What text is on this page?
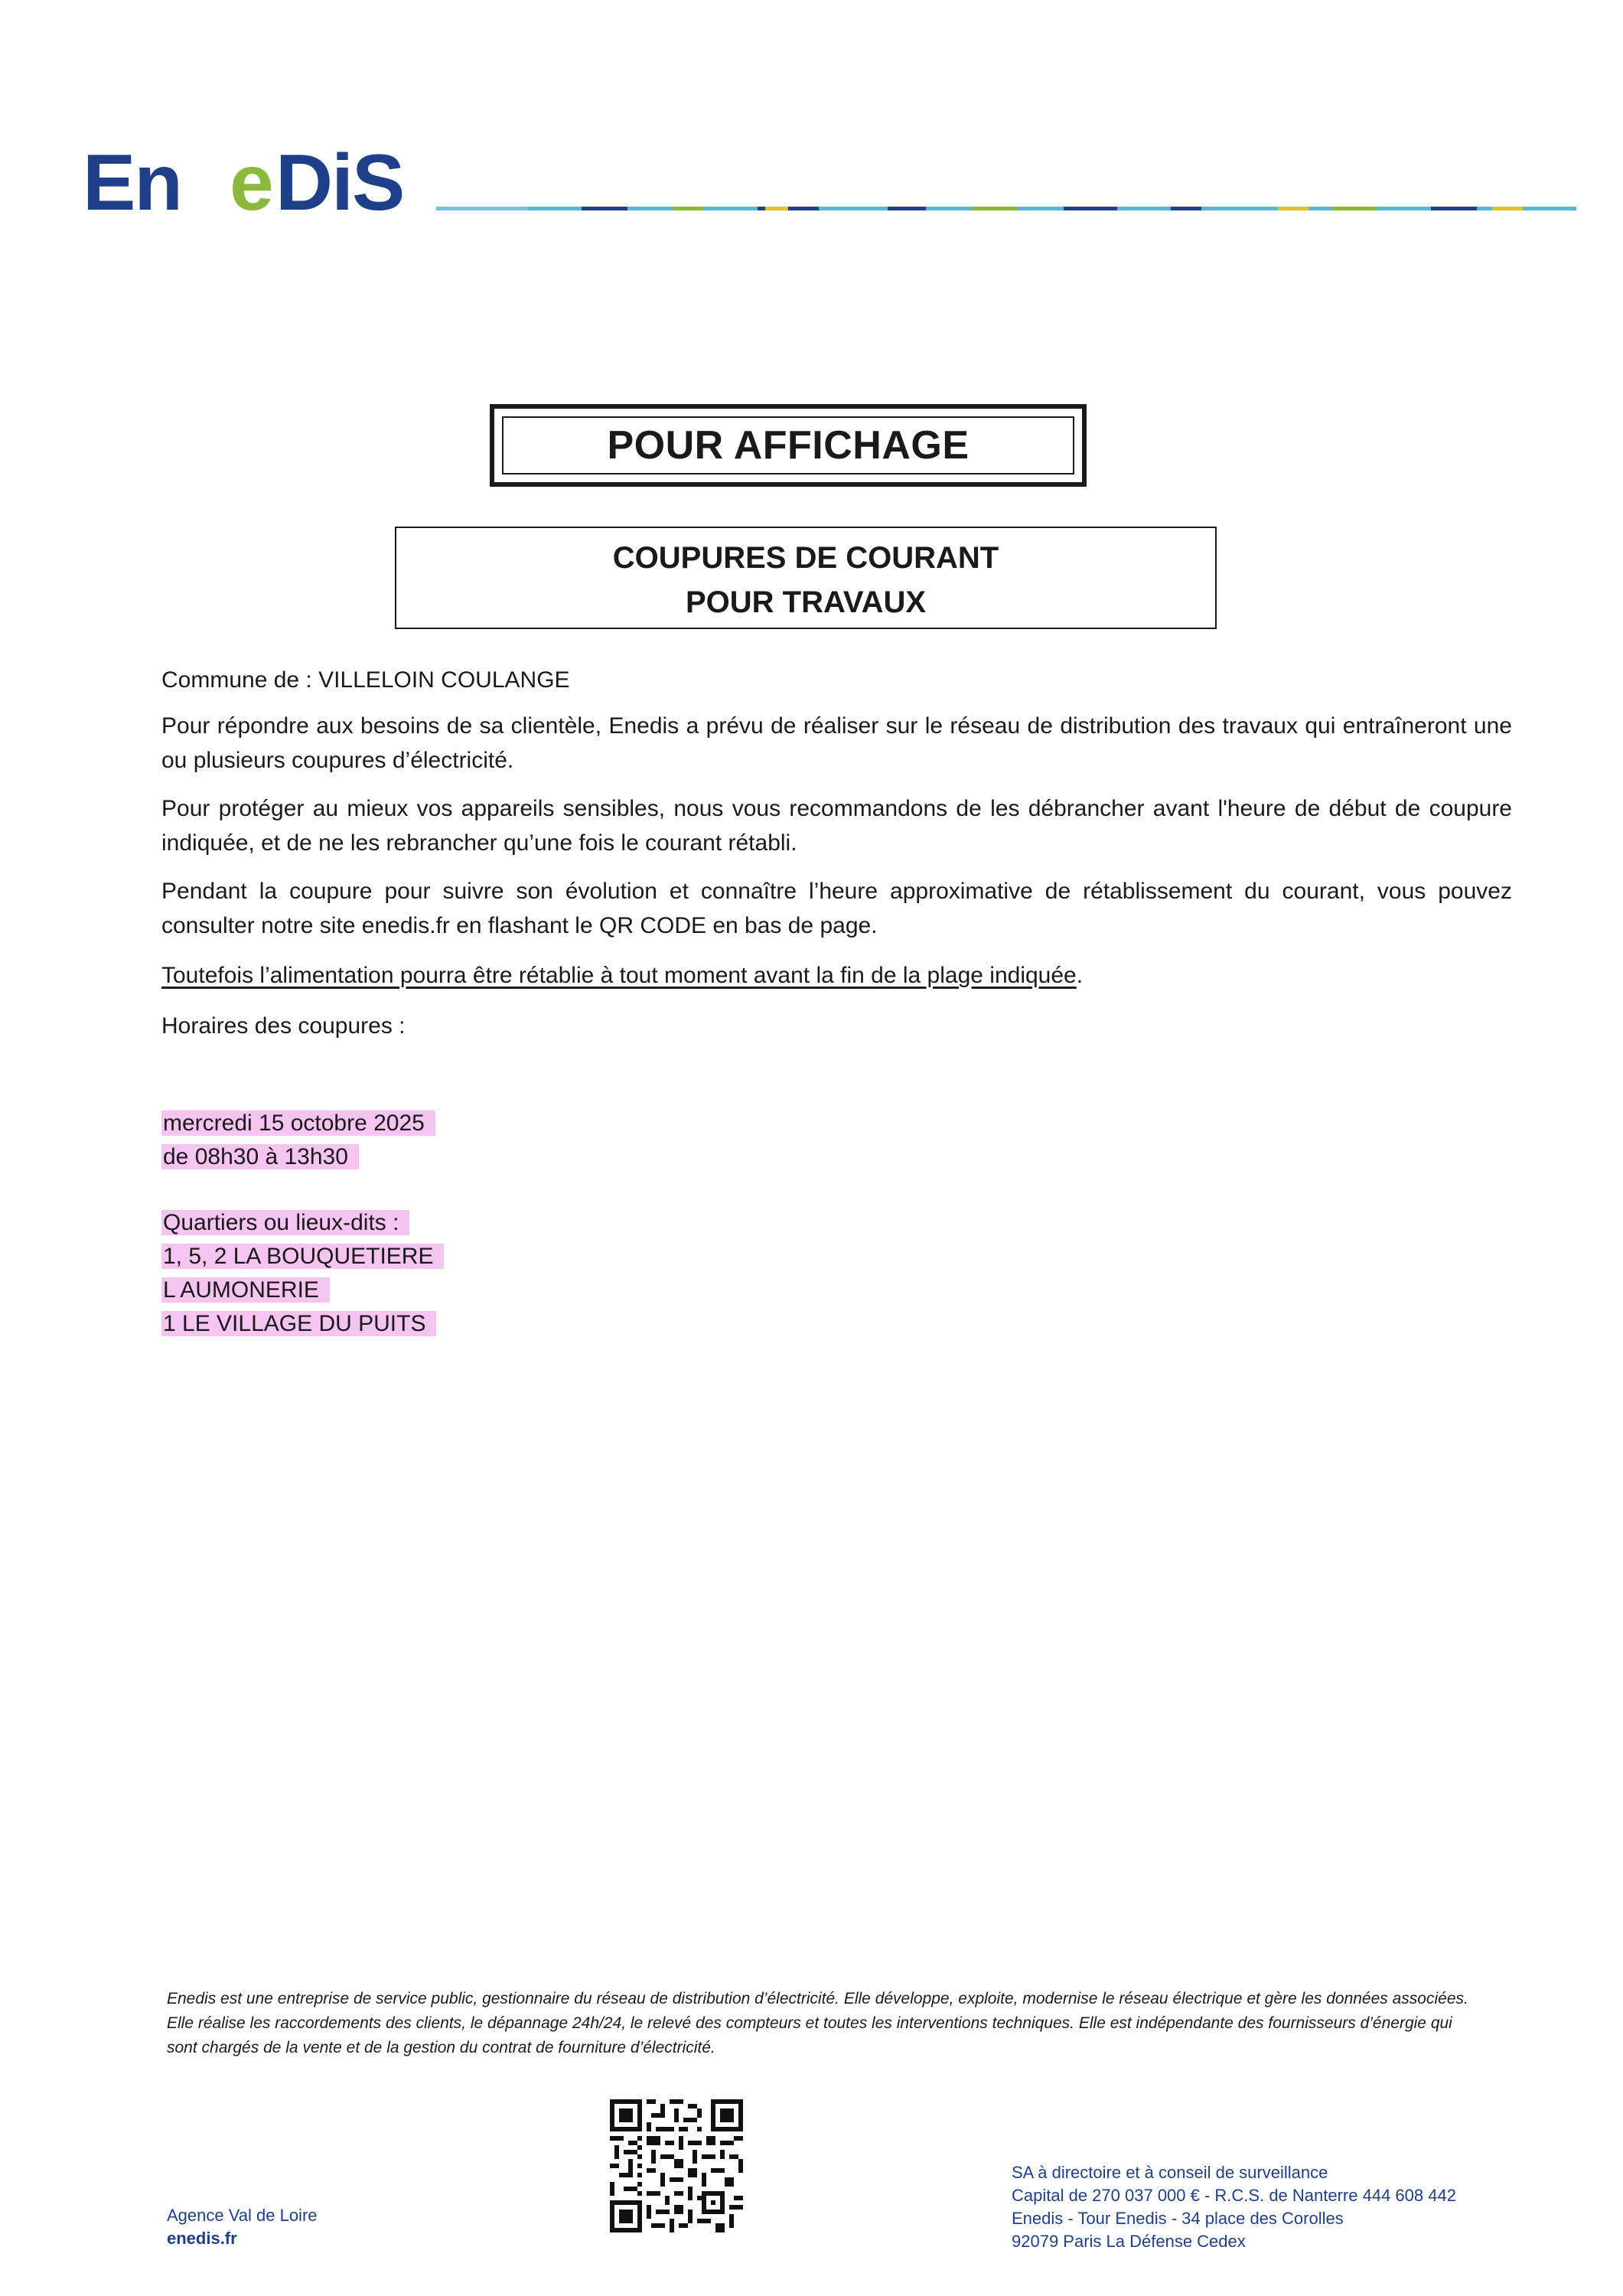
En e DiS
POUR AFFICHAGE
COUPURES DE COURANT
POUR TRAVAUX
Commune de : VILLELOIN COULANGE
Pour répondre aux besoins de sa clientèle, Enedis a prévu de réaliser sur le réseau de distribution des travaux qui entraîneront une ou plusieurs coupures d’électricité.
Pour protéger au mieux vos appareils sensibles, nous vous recommandons de les débrancher avant l'heure de début de coupure indiquée, et de ne les rebrancher qu’une fois le courant rétabli.
Pendant la coupure pour suivre son évolution et connaître l’heure approximative de rétablissement du courant, vous pouvez consulter notre site enedis.fr en flashant le QR CODE en bas de page.
Toutefois l’alimentation pourra être rétablie à tout moment avant la fin de la plage indiquée.
Horaires des coupures :
mercredi 15 octobre 2025
de 08h30 à 13h30
Quartiers ou lieux-dits :
1, 5, 2 LA BOUQUETIERE
L AUMONERIE
1 LE VILLAGE DU PUITS
Enedis est une entreprise de service public, gestionnaire du réseau de distribution d’électricité. Elle développe, exploite, modernise le réseau électrique et gère les données associées. Elle réalise les raccordements des clients, le dépannage 24h/24, le relevé des compteurs et toutes les interventions techniques. Elle est indépendante des fournisseurs d’énergie qui sont chargés de la vente et de la gestion du contrat de fourniture d’électricité.
Agence Val de Loire
enedis.fr
SA à directoire et à conseil de surveillance
Capital de 270 037 000 € - R.C.S. de Nanterre 444 608 442
Enedis - Tour Enedis - 34 place des Corolles
92079 Paris La Défense Cedex
